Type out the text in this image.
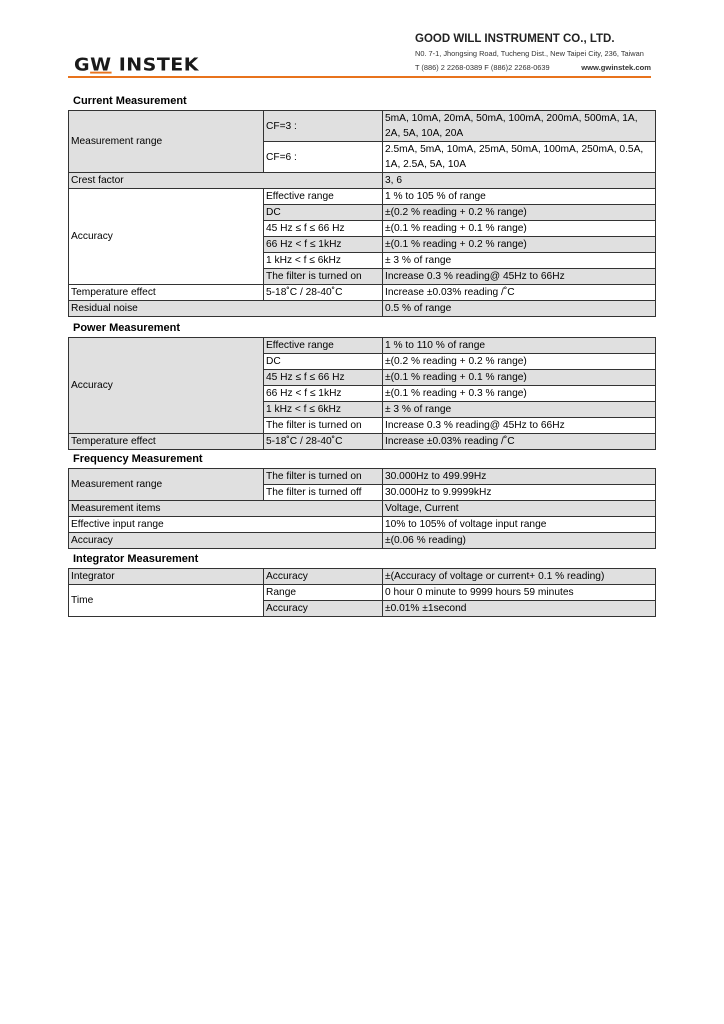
GW INSTEK
GOOD WILL INSTRUMENT CO., LTD.
N0. 7-1, Jhongsing Road, Tucheng Dist., New Taipei City, 236, Taiwan
T (886) 2 2268-0389 F (886)2 2268-0639	www.gwinstek.com
Current Measurement
Measurement range	CF=3 :	5mA, 10mA, 20mA, 50mA, 100mA, 200mA, 500mA, 1A, 2A, 5A, 10A, 20A
	CF=6 :	2.5mA, 5mA, 10mA, 25mA, 50mA, 100mA, 250mA, 0.5A, 1A, 2.5A, 5A, 10A
Crest factor		3, 6
Accuracy	Effective range	1 % to 105 % of range
	DC	±(0.2 % reading + 0.2 % range)
	45 Hz ≤ f ≤ 66 Hz	±(0.1 % reading + 0.1 % range)
	66 Hz < f ≤ 1kHz	±(0.1 % reading + 0.2 % range)
	1 kHz < f ≤ 6kHz	± 3 % of range
	The filter is turned on	Increase 0.3 % reading@ 45Hz to 66Hz
Temperature effect	5-18˚C / 28-40˚C	Increase ±0.03% reading /˚C
Residual noise		0.5 % of range
Power Measurement
Accuracy	Effective range	1 % to 110 % of range
	DC	±(0.2 % reading + 0.2 % range)
	45 Hz ≤ f ≤ 66 Hz	±(0.1 % reading + 0.1 % range)
	66 Hz < f ≤ 1kHz	±(0.1 % reading + 0.3 % range)
	1 kHz < f ≤ 6kHz	± 3 % of range
	The filter is turned on	Increase 0.3 % reading@ 45Hz to 66Hz
Temperature effect	5-18˚C / 28-40˚C	Increase ±0.03% reading /˚C
Frequency Measurement
Measurement range	The filter is turned on	30.000Hz to 499.99Hz
	The filter is turned off	30.000Hz to 9.9999kHz
Measurement items		Voltage, Current
Effective input range		10% to 105% of voltage input range
Accuracy		±(0.06 % reading)
Integrator Measurement
Integrator	Accuracy	±(Accuracy of voltage or current+ 0.1 % reading)
Time	Range	0 hour 0 minute to 9999 hours 59 minutes
	Accuracy	±0.01% ±1second
